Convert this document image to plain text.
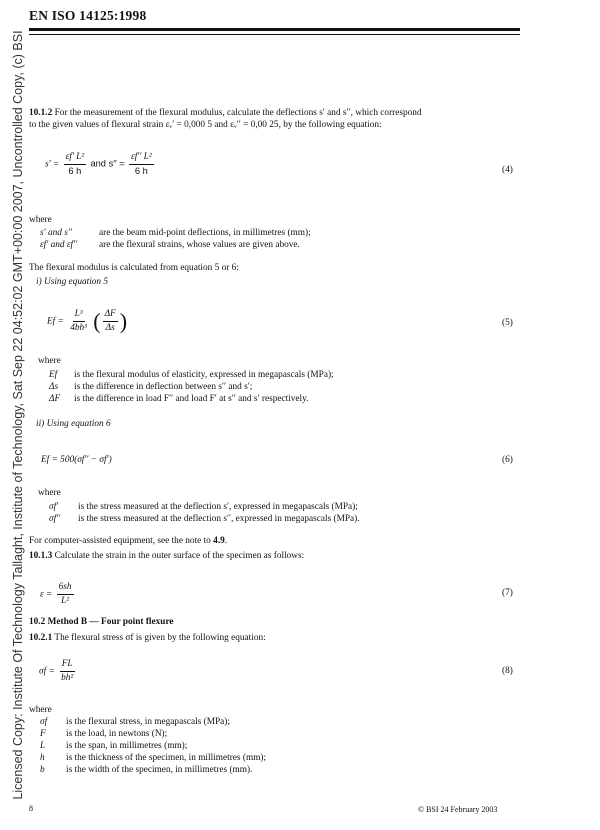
EN ISO 14125:1998
Licensed Copy: Institute Of Technology Tallaght, Institute of Technology, Sat Sep 22 04:52:02 GMT+00:00 2007, Uncontrolled Copy, (c) BSI 10.1.2 For the measurement of the flexural modulus, calculate the deflections s′ and s′′, which correspond
to the given values of flexural strain εᵥ′ = 0,000 5 and εᵥ′′ = 0,00 25, by the following equation:
$s' = \frac{\text{εf′ L²}}{6 h}$ and $s'' = \frac{\text{εf′′ L²}}{6 h}$	(4)
where
s′ and s′′	are the beam mid-point deflections, in millimetres (mm);
εf′ and εf′′	are the flexural strains, whose values are given above.
The flexural modulus is calculated from equation 5 or 6:
i) Using equation 5
$Ef = \frac{\text{L³}}{\text{4bh³}}$ ( $\frac{\Delta F}{\Delta s}$ )	(5)
where
Ef	is the flexural modulus of elasticity, expressed in megapascals (MPa);
Δs	is the difference in deflection between s′′ and s′;
ΔF	is the difference in load F′′ and load F′ at s′′ and s′ respectively.
ii) Using equation 6
Ef = 500(σf′′ − σf′)	(6)
where
σf′	is the stress measured at the deflection s′, expressed in megapascals (MPa);
σf′′	is the stress measured at the deflection s′′, expressed in megapascals (MPa).
For computer-assisted equipment, see the note to 4.9.
10.1.3 Calculate the strain in the outer surface of the specimen as follows:
$\varepsilon = \frac{6sh}{\text{L²}}$	(7)
10.2 Method B — Four point flexure
10.2.1 The flexural stress σf is given by the following equation:
$\sigma f = \frac{FL}{\text{bh²}}$	(8)
where
σf	is the flexural stress, in megapascals (MPa);
F	is the load, in newtons (N);
L	is the span, in millimetres (mm);
h	is the thickness of the specimen, in millimetres (mm);
b	is the width of the specimen, in millimetres (mm).
8	© BSI 24 February 2003
